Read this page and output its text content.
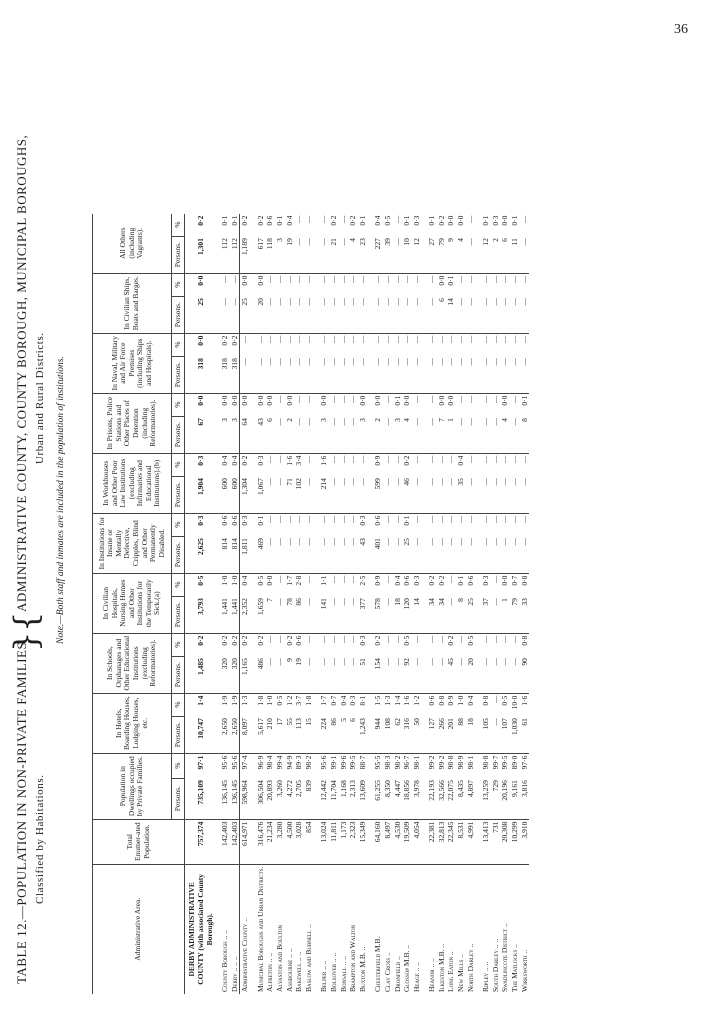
36
TABLE 12.—POPULATION IN NON-PRIVATE FAMILIES Classified by Habitations.
}
{
ADMINISTRATIVE COUNTY, COUNTY BOROUGH, MUNICIPAL BOROUGHS, Urban and Rural Districts. Note.—Both staff and inmates are included in the population of institutions.
Administrative Area.	Total Enumer-ated Population.	Population in Dwellings occupied by Private Families.		In Hotels, Boarding Houses, Lodging Houses, etc.		In Schools, Orphanages and Other Educational Institutions (excluding Reformatories).		In Civilian Hospitals, Nursing Homes and Other Institutions for the Temporarily Sick.(a)		In Institutions for Insane or Mentally Defective, Cripples, Blind and Other Permanently Disabled.		In Workhouses and Other Poor Law Institutions (excluding Infirmaries and Educational Institutions).(b)		In Prisons, Police Stations and Other Places of Detention (including Reformatories).		In Naval, Military and Air Force Premises (including Ships and Hospitals).		In Civilian Ships, Boats and Barges.		All Others (including Vagrants).	
		Persons.	%	Persons.	%	Persons.	%	Persons.	%	Persons.	%	Persons.	%	Persons.	%	Persons.	%	Persons.	%	Persons.	%
DERBY ADMINISTRATIVE COUNTY (with associated County Borough).	757,374	735,109	97·1	10,747	1·4	1,485	0·2	3,793	0·5	2,625	0·3	1,904	0·3	67	0·0	318	0·0	25	0·0	1,301	0·2

County Borough .. ..	142,403	136,145	95·6	2,650	1·9	320	0·2	1,441	1·0	814	0·6	600	0·4	3	0·0	318	0·2	—	—	112	0·1
Derby .. .. ..	142,403	136,145	95·6	2,650	1·9	320	0·2	1,441	1·0	814	0·6	600	0·4	3	0·0	318	0·2	—	—	112	0·1
Administrative County ..	614,971	598,964	97·4	8,097	1·3	1,165	0·2	2,352	0·4	1,811	0·3	1,304	0·2	64	0·0	—	—	25	0·0	1,189	0·2

Municipal Boroughs and Urban Districts.	316,476	306,504	96·9	5,617	1·8	486	0·2	1,659	0·5	469	0·1	1,067	0·3	43	0·0	—	—	20	0·0	617	0·2
Alfreton .. ..	21,234	20,893	98·4	210	1·0	—	—	7	0·0	—	—	—	—	6	0·0	—	—	—	—	118	0·6
Alvaston and Boulton	3,280	3,260	99·4	17	0·5	—	—	—	—	—	—	—	—	—	—	—	—	—	—	3	0·1
Ashbourne .. ..	4,500	4,272	94·9	55	1·2	9	0·2	78	1·7	—	—	71	1·6	2	0·0	—	—	—	—	19	0·4
Bakewell .. ..	3,028	2,705	89·3	113	3·7	19	0·6	86	2·8	—	—	102	3·4	—	—	—	—	—	—	—	—
Baslow and Bubnell ..	854	839	98·2	15	1·8	—	—	—	—	—	—	—	—	—	—	—	—	—	—	—	—

Belper .. ..	13,024	12,442	95·6	224	1·7	—	—	141	1·1	—	—	214	1·6	3	0·0	—	—	—	—	—	—
Bolsover .. ..	11,811	11,704	99·1	86	0·7	—	—	—	—	—	—	—	—	—	—	—	—	—	—	21	0·2
Bonsall .. ..	1,173	1,168	99·6	5	0·4	—	—	—	—	—	—	—	—	—	—	—	—	—	—	—	—
Brampton and Walton	2,323	2,313	99·5	6	0·3	—	—	—	—	—	—	—	—	—	—	—	—	—	—	4	0·2
Buxton M.B. ..	15,349	13,609	88·7	1,243	8·1	51	0·3	377	2·5	43	0·3	—	—	3	0·0	—	—	—	—	23	0·1

Chesterfield M.B.	64,160	61,255	95·5	944	1·5	154	0·2	578	0·9	401	0·6	599	0·9	2	0·0	—	—	—	—	227	0·4
Clay Cross ..	8,497	8,350	98·3	108	1·3	—	—	—	—	—	—	—	—	—	—	—	—	—	—	39	0·5
Dronfield ..	4,530	4,447	98·2	62	1·4	—	—	18	0·4	—	—	—	—	3	0·1	—	—	—	—	—	—
Glossop M.B. ..	19,509	18,856	96·7	316	1·6	92	0·5	120	0·6	25	0·1	46	0·2	4	0·0	—	—	—	—	10	0·1
Heage .. ..	4,054	3,978	98·1	50	1·2	—	—	14	0·3	—	—	—	—	—	—	—	—	—	—	12	0·3

Heanor .. ..	22,381	22,193	99·2	127	0·6	—	—	34	0·2	—	—	—	—	—	—	—	—	—	—	27	0·1
Ilkeston M.B. ..	32,813	32,566	99·2	266	0·8	—	—	34	0·2	—	—	—	—	7	0·0	—	—	6	0·0	79	0·2
Long Eaton ..	22,345	22,075	98·8	201	0·9	45	0·2	—	—	—	—	—	—	1	0·0	—	—	14	0·1	9	0·0
New Mills ..	8,531	8,435	98·9	88	1·0	—	—	8	0·1	—	—	35	0·4	—	—	—	—	—	—	4	0·0
North Darley ..	4,991	4,897	98·1	18	0·4	20	0·5	25	0·6	—	—	—	—	—	—	—	—	—	—	—	—

Ripley .. ..	13,413	13,259	98·8	105	0·8	—	—	37	0·3	—	—	—	—	—	—	—	—	—	—	12	0·1
South Darley .. ..	731	729	99·7	—	—	—	—	—	—	—	—	—	—	—	—	—	—	—	—	2	0·3
Swadlincote District ..	20,308	20,196	99·5	107	0·5	—	—	1	0·0	—	—	—	—	4	0·0	—	—	—	—	6	0·0
The Matlocks ..	10,299	9,161	89·0	1,030	10·0	—	—	79	0·7	—	—	—	—	—	—	—	—	—	—	11	0·1
Wirksworth ..	3,910	3,816	97·6	61	1·6	90	0·8	33	0·8	—	—	—	—	8	0·1	—	—	—	—	—	—
